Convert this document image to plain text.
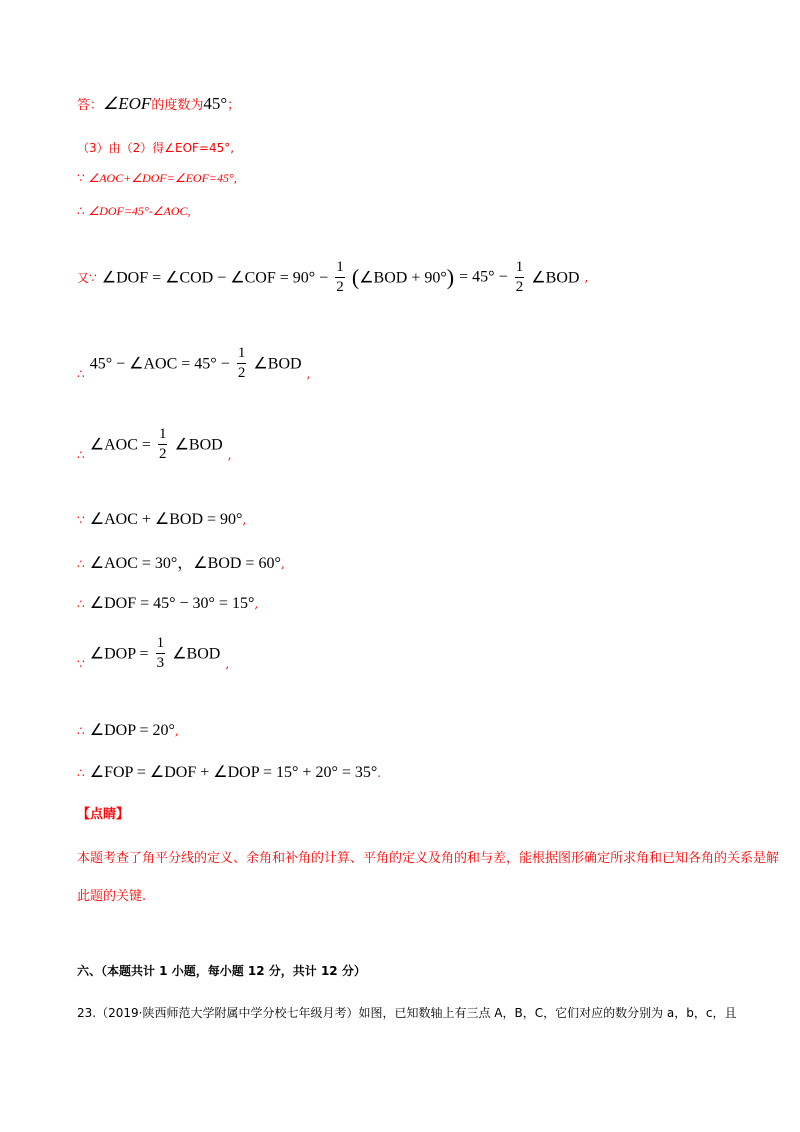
答：∠EOF的度数为45°；
（3）由（2）得∠EOF=45°,
∵ ∠AOC+∠DOF=∠EOF=45°,
∴ ∠DOF=45°-∠AOC,
又∵ ∠DOF = ∠COD − ∠COF = $90^\circ - \frac{1}{2}$ (∠BOD + $90^\circ) = 45^\circ - \frac{1}{2}$ ∠BOD ,
∴ 45° − ∠AOC = $45^\circ - \frac{1}{2}$ ∠BOD ,
∴ ∠AOC = $\frac{1}{2}$ ∠BOD ,
∵ ∠AOC + ∠BOD = 90°,
∴ ∠AOC = 30°，∠BOD = 60°,
∴ ∠DOF = 45° − 30° = 15°,
∵ ∠DOP = $\frac{1}{3}$ ∠BOD ,
∴ ∠DOP = 20°,
∴ ∠FOP = ∠DOF + ∠DOP = 15° + 20° = 35°.
【点睛】
本题考查了角平分线的定义、余角和补角的计算、平角的定义及角的和与差，能根据图形确定所求角和已知各角的关系是解
此题的关键.
六、（本题共计 1 小题，每小题 12 分，共计 12 分）
23.（2019·陕西师范大学附属中学分校七年级月考）如图，已知数轴上有三点 A，B，C，它们对应的数分别为 a，b，c，且
